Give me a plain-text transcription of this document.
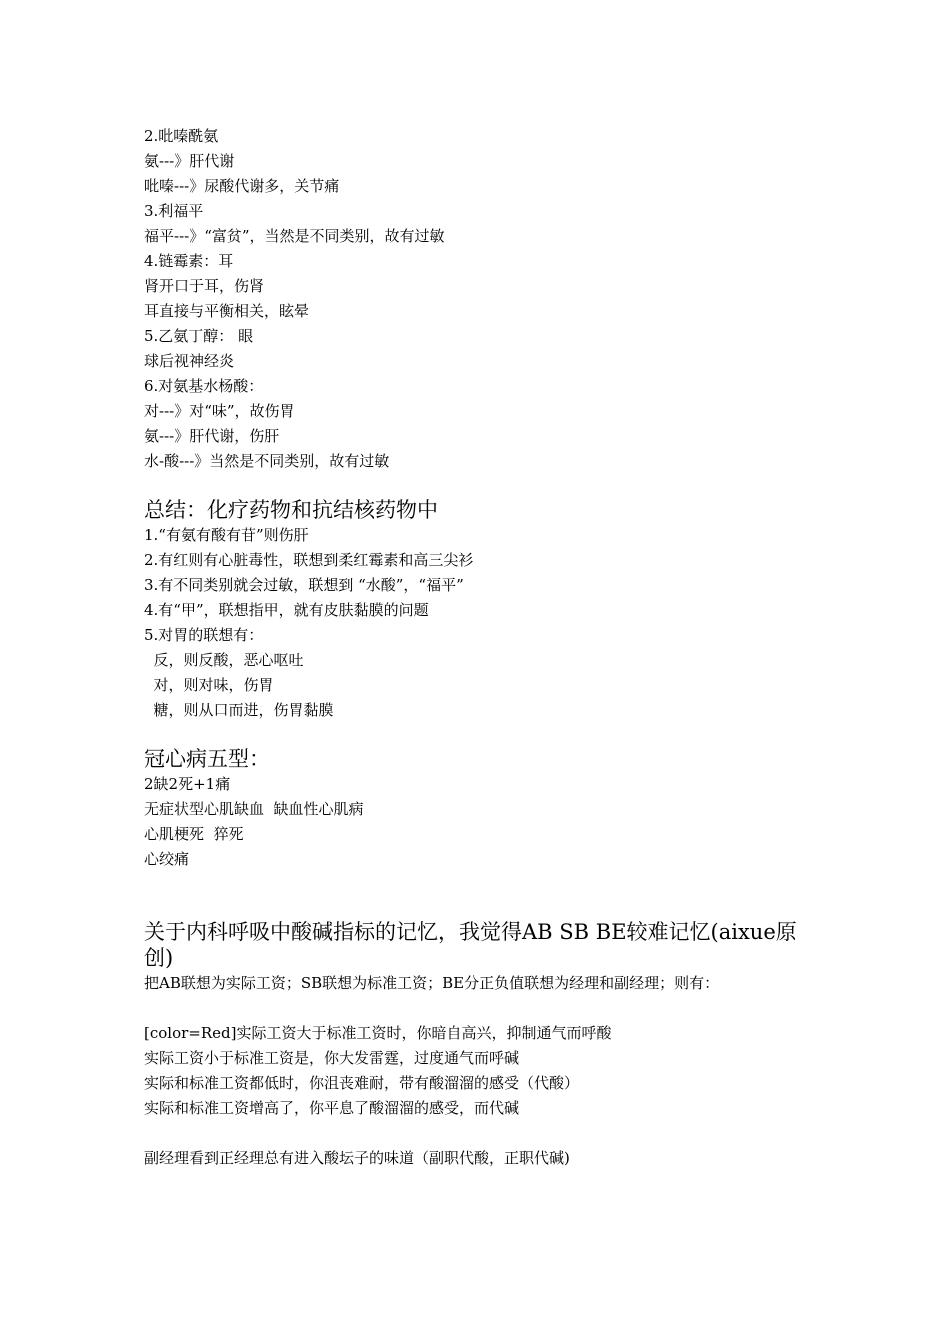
2.吡嗪酰氨
氨---》肝代谢
吡嗪---》尿酸代谢多，关节痛
3.利福平
福平---》“富贫”，当然是不同类别，故有过敏
4.链霉素：耳
肾开口于耳，伤肾
耳直接与平衡相关，眩晕
5.乙氨丁醇： 眼
球后视神经炎
6.对氨基水杨酸：
对---》对“味”，故伤胃
氨---》肝代谢，伤肝
水-酸---》当然是不同类别，故有过敏
总结：化疗药物和抗结核药物中
1.“有氨有酸有苷”则伤肝
2.有红则有心脏毒性，联想到柔红霉素和高三尖衫
3.有不同类别就会过敏，联想到 “水酸”，“福平”
4.有“甲”，联想指甲，就有皮肤黏膜的问题
5.对胃的联想有：
反，则反酸，恶心呕吐
对，则对味，伤胃
糖，则从口而进，伤胃黏膜
冠心病五型：
2缺2死+1痛
无症状型心肌缺血  缺血性心肌病
心肌梗死  猝死
心绞痛
关于内科呼吸中酸碱指标的记忆，我觉得AB SB BE较难记忆(aixue原创)
把AB联想为实际工资；SB联想为标准工资；BE分正负值联想为经理和副经理；则有：
[color=Red]实际工资大于标准工资时，你暗自高兴，抑制通气而呼酸
实际工资小于标准工资是，你大发雷霆，过度通气而呼碱
实际和标准工资都低时，你沮丧难耐，带有酸溜溜的感受（代酸）
实际和标准工资增高了，你平息了酸溜溜的感受，而代碱
副经理看到正经理总有进入酸坛子的味道（副职代酸，正职代碱)
